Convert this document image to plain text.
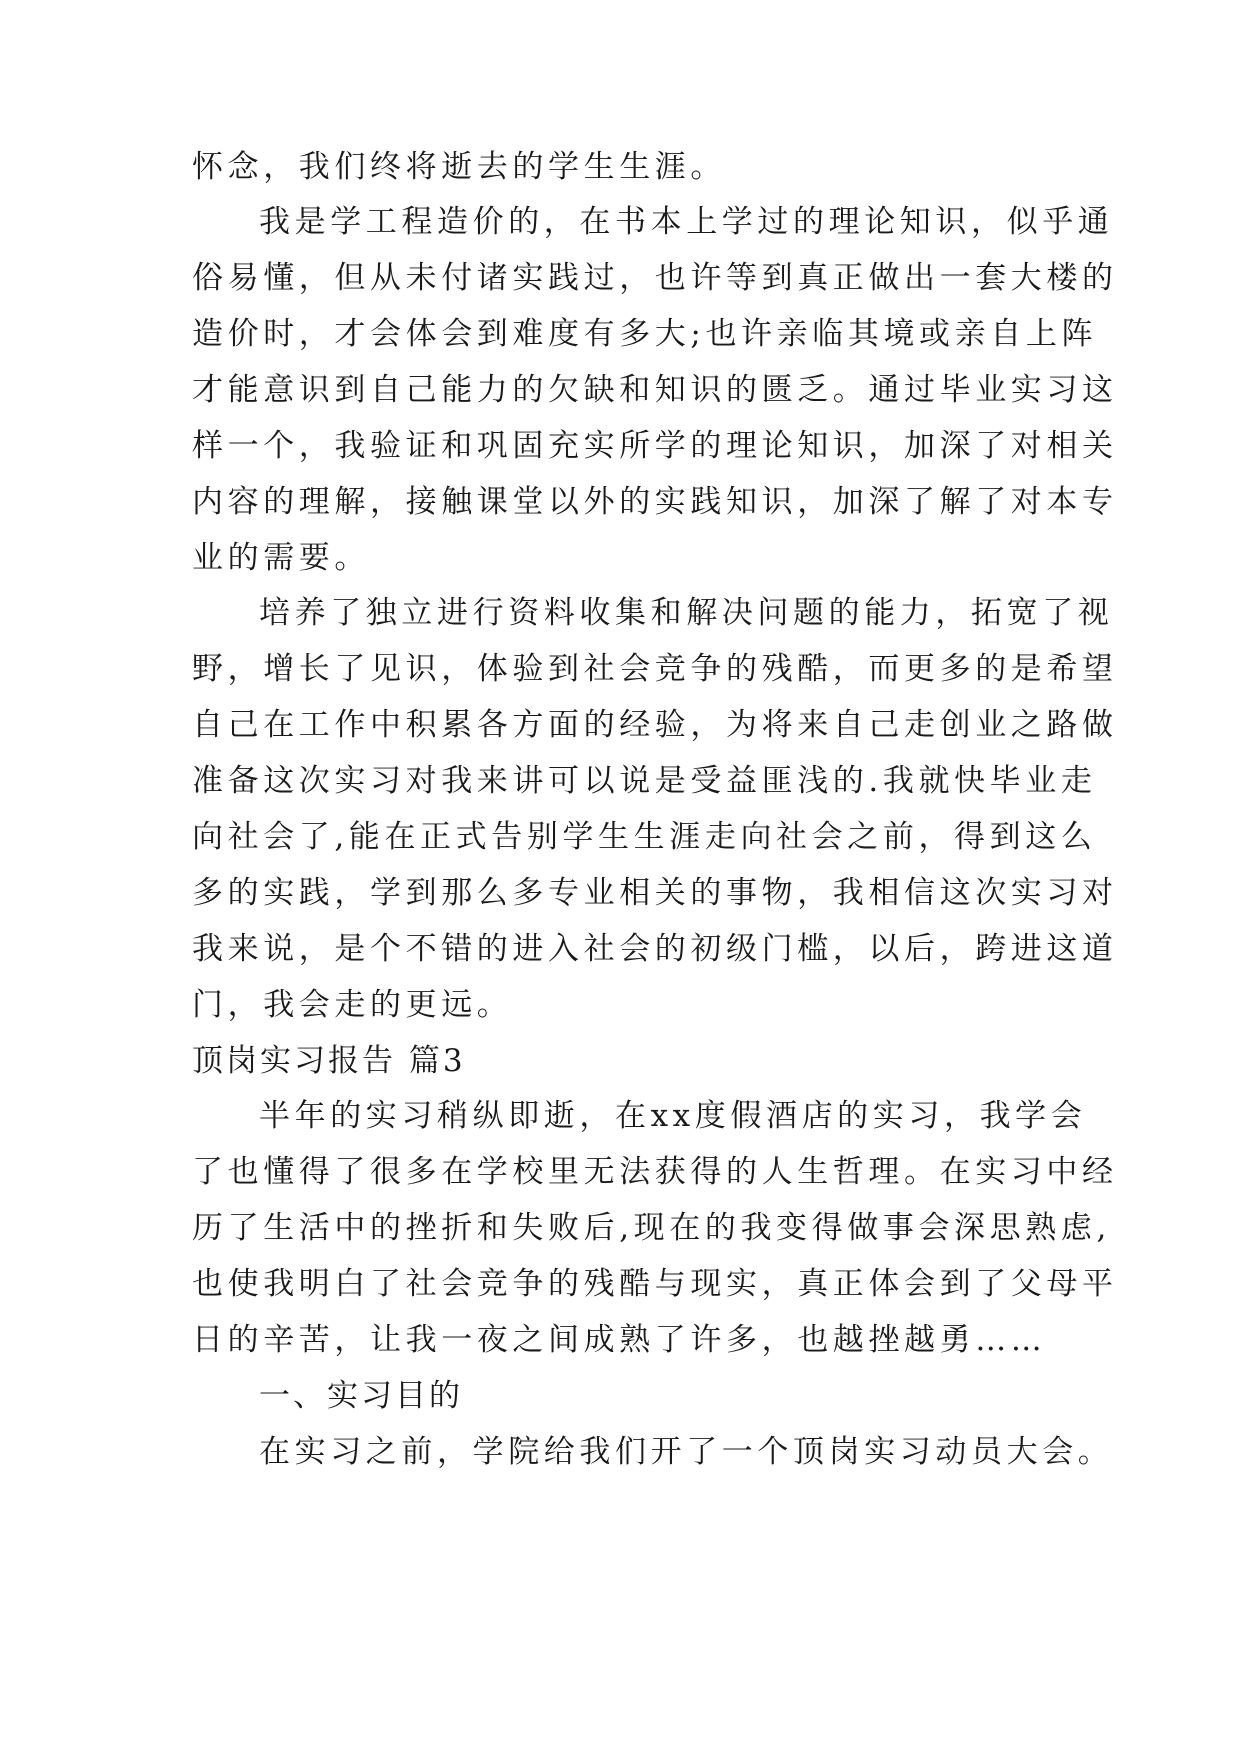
怀念，我们终将逝去的学生生涯。
我是学工程造价的，在书本上学过的理论知识，似乎通
俗易懂，但从未付诸实践过，也许等到真正做出一套大楼的
造价时，才会体会到难度有多大;也许亲临其境或亲自上阵
才能意识到自己能力的欠缺和知识的匮乏。通过毕业实习这
样一个，我验证和巩固充实所学的理论知识，加深了对相关
内容的理解，接触课堂以外的实践知识，加深了解了对本专
业的需要。
培养了独立进行资料收集和解决问题的能力，拓宽了视
野，增长了见识，体验到社会竞争的残酷，而更多的是希望
自己在工作中积累各方面的经验，为将来自己走创业之路做
准备这次实习对我来讲可以说是受益匪浅的.我就快毕业走
向社会了,能在正式告别学生生涯走向社会之前，得到这么
多的实践，学到那么多专业相关的事物，我相信这次实习对
我来说，是个不错的进入社会的初级门槛，以后，跨进这道
门，我会走的更远。
顶岗实习报告 篇3
半年的实习稍纵即逝，在xx度假酒店的实习，我学会
了也懂得了很多在学校里无法获得的人生哲理。在实习中经
历了生活中的挫折和失败后,现在的我变得做事会深思熟虑,
也使我明白了社会竞争的残酷与现实，真正体会到了父母平
日的辛苦，让我一夜之间成熟了许多，也越挫越勇……
一、实习目的
在实习之前，学院给我们开了一个顶岗实习动员大会。
